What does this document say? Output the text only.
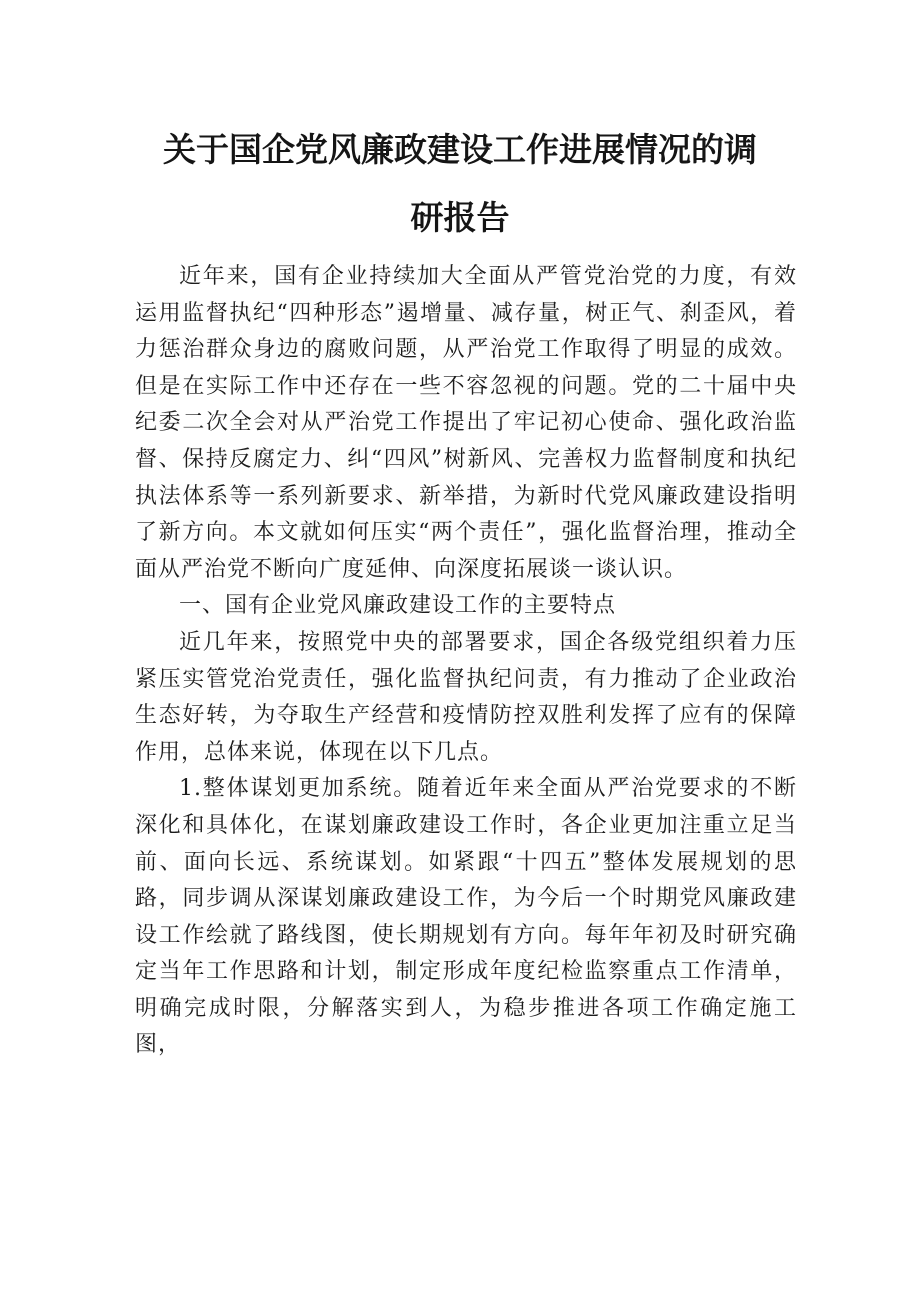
关于国企党风廉政建设工作进展情况的调
研报告

近年来，国有企业持续加大全面从严管党治党的力度，有效运用监督执纪“四种形态”遏增量、减存量，树正气、刹歪风，着力惩治群众身边的腐败问题，从严治党工作取得了明显的成效。但是在实际工作中还存在一些不容忽视的问题。党的二十届中央纪委二次全会对从严治党工作提出了牢记初心使命、强化政治监督、保持反腐定力、纠“四风”树新风、完善权力监督制度和执纪执法体系等一系列新要求、新举措，为新时代党风廉政建设指明了新方向。本文就如何压实“两个责任”，强化监督治理，推动全面从严治党不断向广度延伸、向深度拓展谈一谈认识。

一、国有企业党风廉政建设工作的主要特点

近几年来，按照党中央的部署要求，国企各级党组织着力压紧压实管党治党责任，强化监督执纪问责，有力推动了企业政治生态好转，为夺取生产经营和疫情防控双胜利发挥了应有的保障作用，总体来说，体现在以下几点。

1.整体谋划更加系统。随着近年来全面从严治党要求的不断深化和具体化，在谋划廉政建设工作时，各企业更加注重立足当前、面向长远、系统谋划。如紧跟“十四五”整体发展规划的思路，同步调从深谋划廉政建设工作，为今后一个时期党风廉政建设工作绘就了路线图，使长期规划有方向。每年年初及时研究确定当年工作思路和计划，制定形成年度纪检监察重点工作清单，明确完成时限，分解落实到人，为稳步推进各项工作确定施工图，
